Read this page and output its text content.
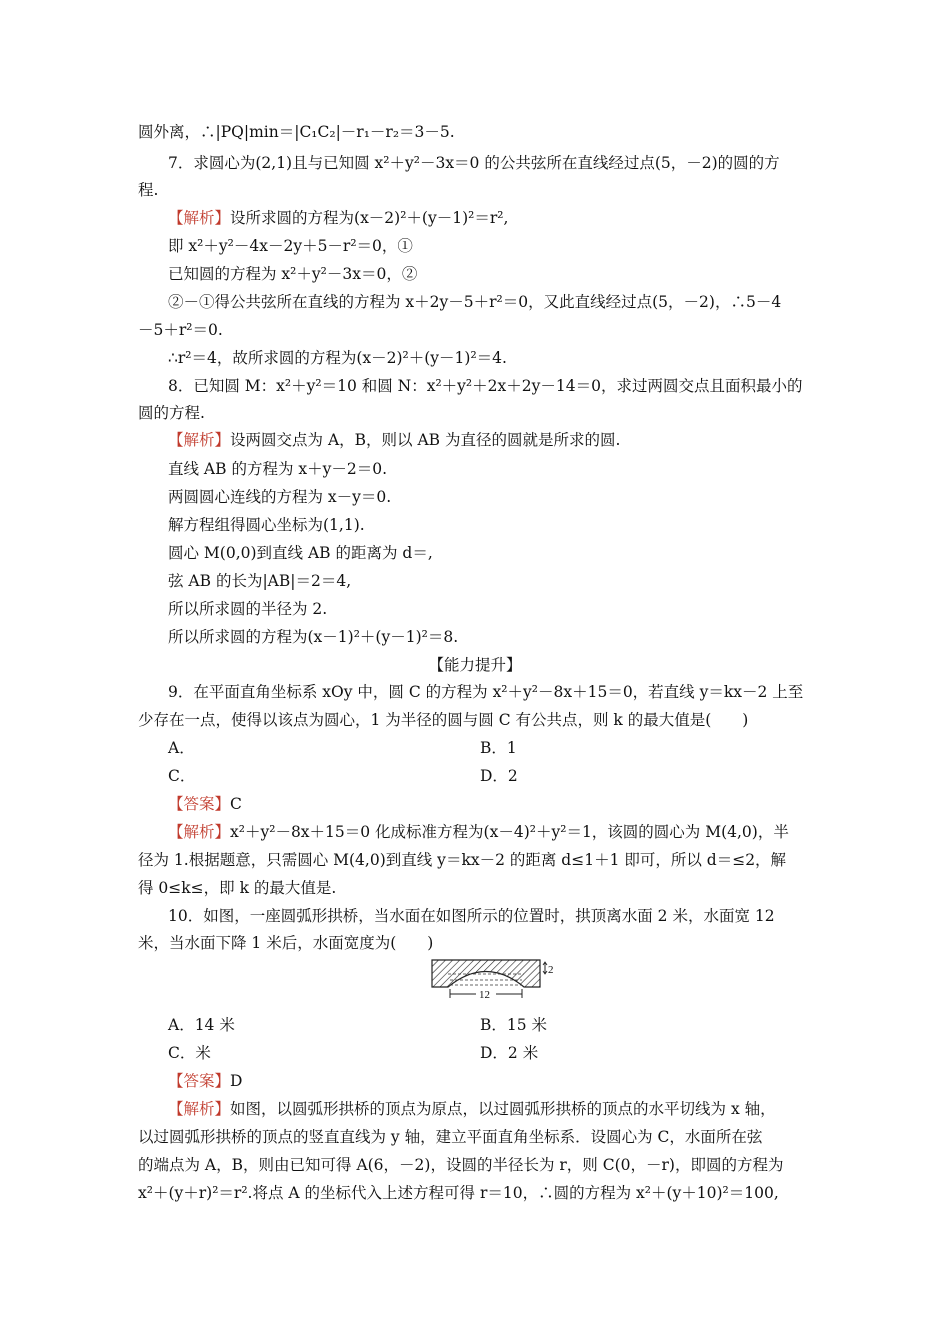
圆外离，∴|PQ|min＝|C₁C₂|－r₁－r₂＝3－5.
7．求圆心为(2,1)且与已知圆 x²＋y²－3x＝0 的公共弦所在直线经过点(5，－2)的圆的方
程.
【解析】设所求圆的方程为(x－2)²＋(y－1)²＝r²,
即 x²＋y²－4x－2y＋5－r²＝0，①
已知圆的方程为 x²＋y²－3x＝0，②
②－①得公共弦所在直线的方程为 x＋2y－5＋r²＝0，又此直线经过点(5，－2)，∴5－4
－5＋r²＝0.
∴r²＝4，故所求圆的方程为(x－2)²＋(y－1)²＝4.
8．已知圆 M：x²＋y²＝10 和圆 N：x²＋y²＋2x＋2y－14＝0，求过两圆交点且面积最小的
圆的方程.
【解析】设两圆交点为 A，B，则以 AB 为直径的圆就是所求的圆.
直线 AB 的方程为 x＋y－2＝0.
两圆圆心连线的方程为 x－y＝0.
解方程组得圆心坐标为(1,1).
圆心 M(0,0)到直线 AB 的距离为 d＝,
弦 AB 的长为|AB|＝2＝4,
所以所求圆的半径为 2.
所以所求圆的方程为(x－1)²＋(y－1)²＝8.
【能力提升】
9．在平面直角坐标系 xOy 中，圆 C 的方程为 x²＋y²－8x＋15＝0，若直线 y＝kx－2 上至
少存在一点，使得以该点为圆心，1 为半径的圆与圆 C 有公共点，则 k 的最大值是(　　)
A．	B．1
C．	D．2
【答案】C
【解析】x²＋y²－8x＋15＝0 化成标准方程为(x－4)²＋y²＝1，该圆的圆心为 M(4,0)，半
径为 1.根据题意，只需圆心 M(4,0)到直线 y＝kx－2 的距离 d≤1＋1 即可，所以 d＝≤2，解
得 0≤k≤，即 k 的最大值是.
10．如图，一座圆弧形拱桥，当水面在如图所示的位置时，拱顶离水面 2 米，水面宽 12
米，当水面下降 1 米后，水面宽度为(　　)
2
12
A．14 米	B．15 米
C．米	D．2 米
【答案】D
【解析】如图，以圆弧形拱桥的顶点为原点，以过圆弧形拱桥的顶点的水平切线为 x 轴，
以过圆弧形拱桥的顶点的竖直直线为 y 轴，建立平面直角坐标系．设圆心为 C，水面所在弦
的端点为 A，B，则由已知可得 A(6，－2)，设圆的半径长为 r，则 C(0，－r)，即圆的方程为
x²＋(y＋r)²＝r².将点 A 的坐标代入上述方程可得 r＝10，∴圆的方程为 x²＋(y＋10)²＝100,
